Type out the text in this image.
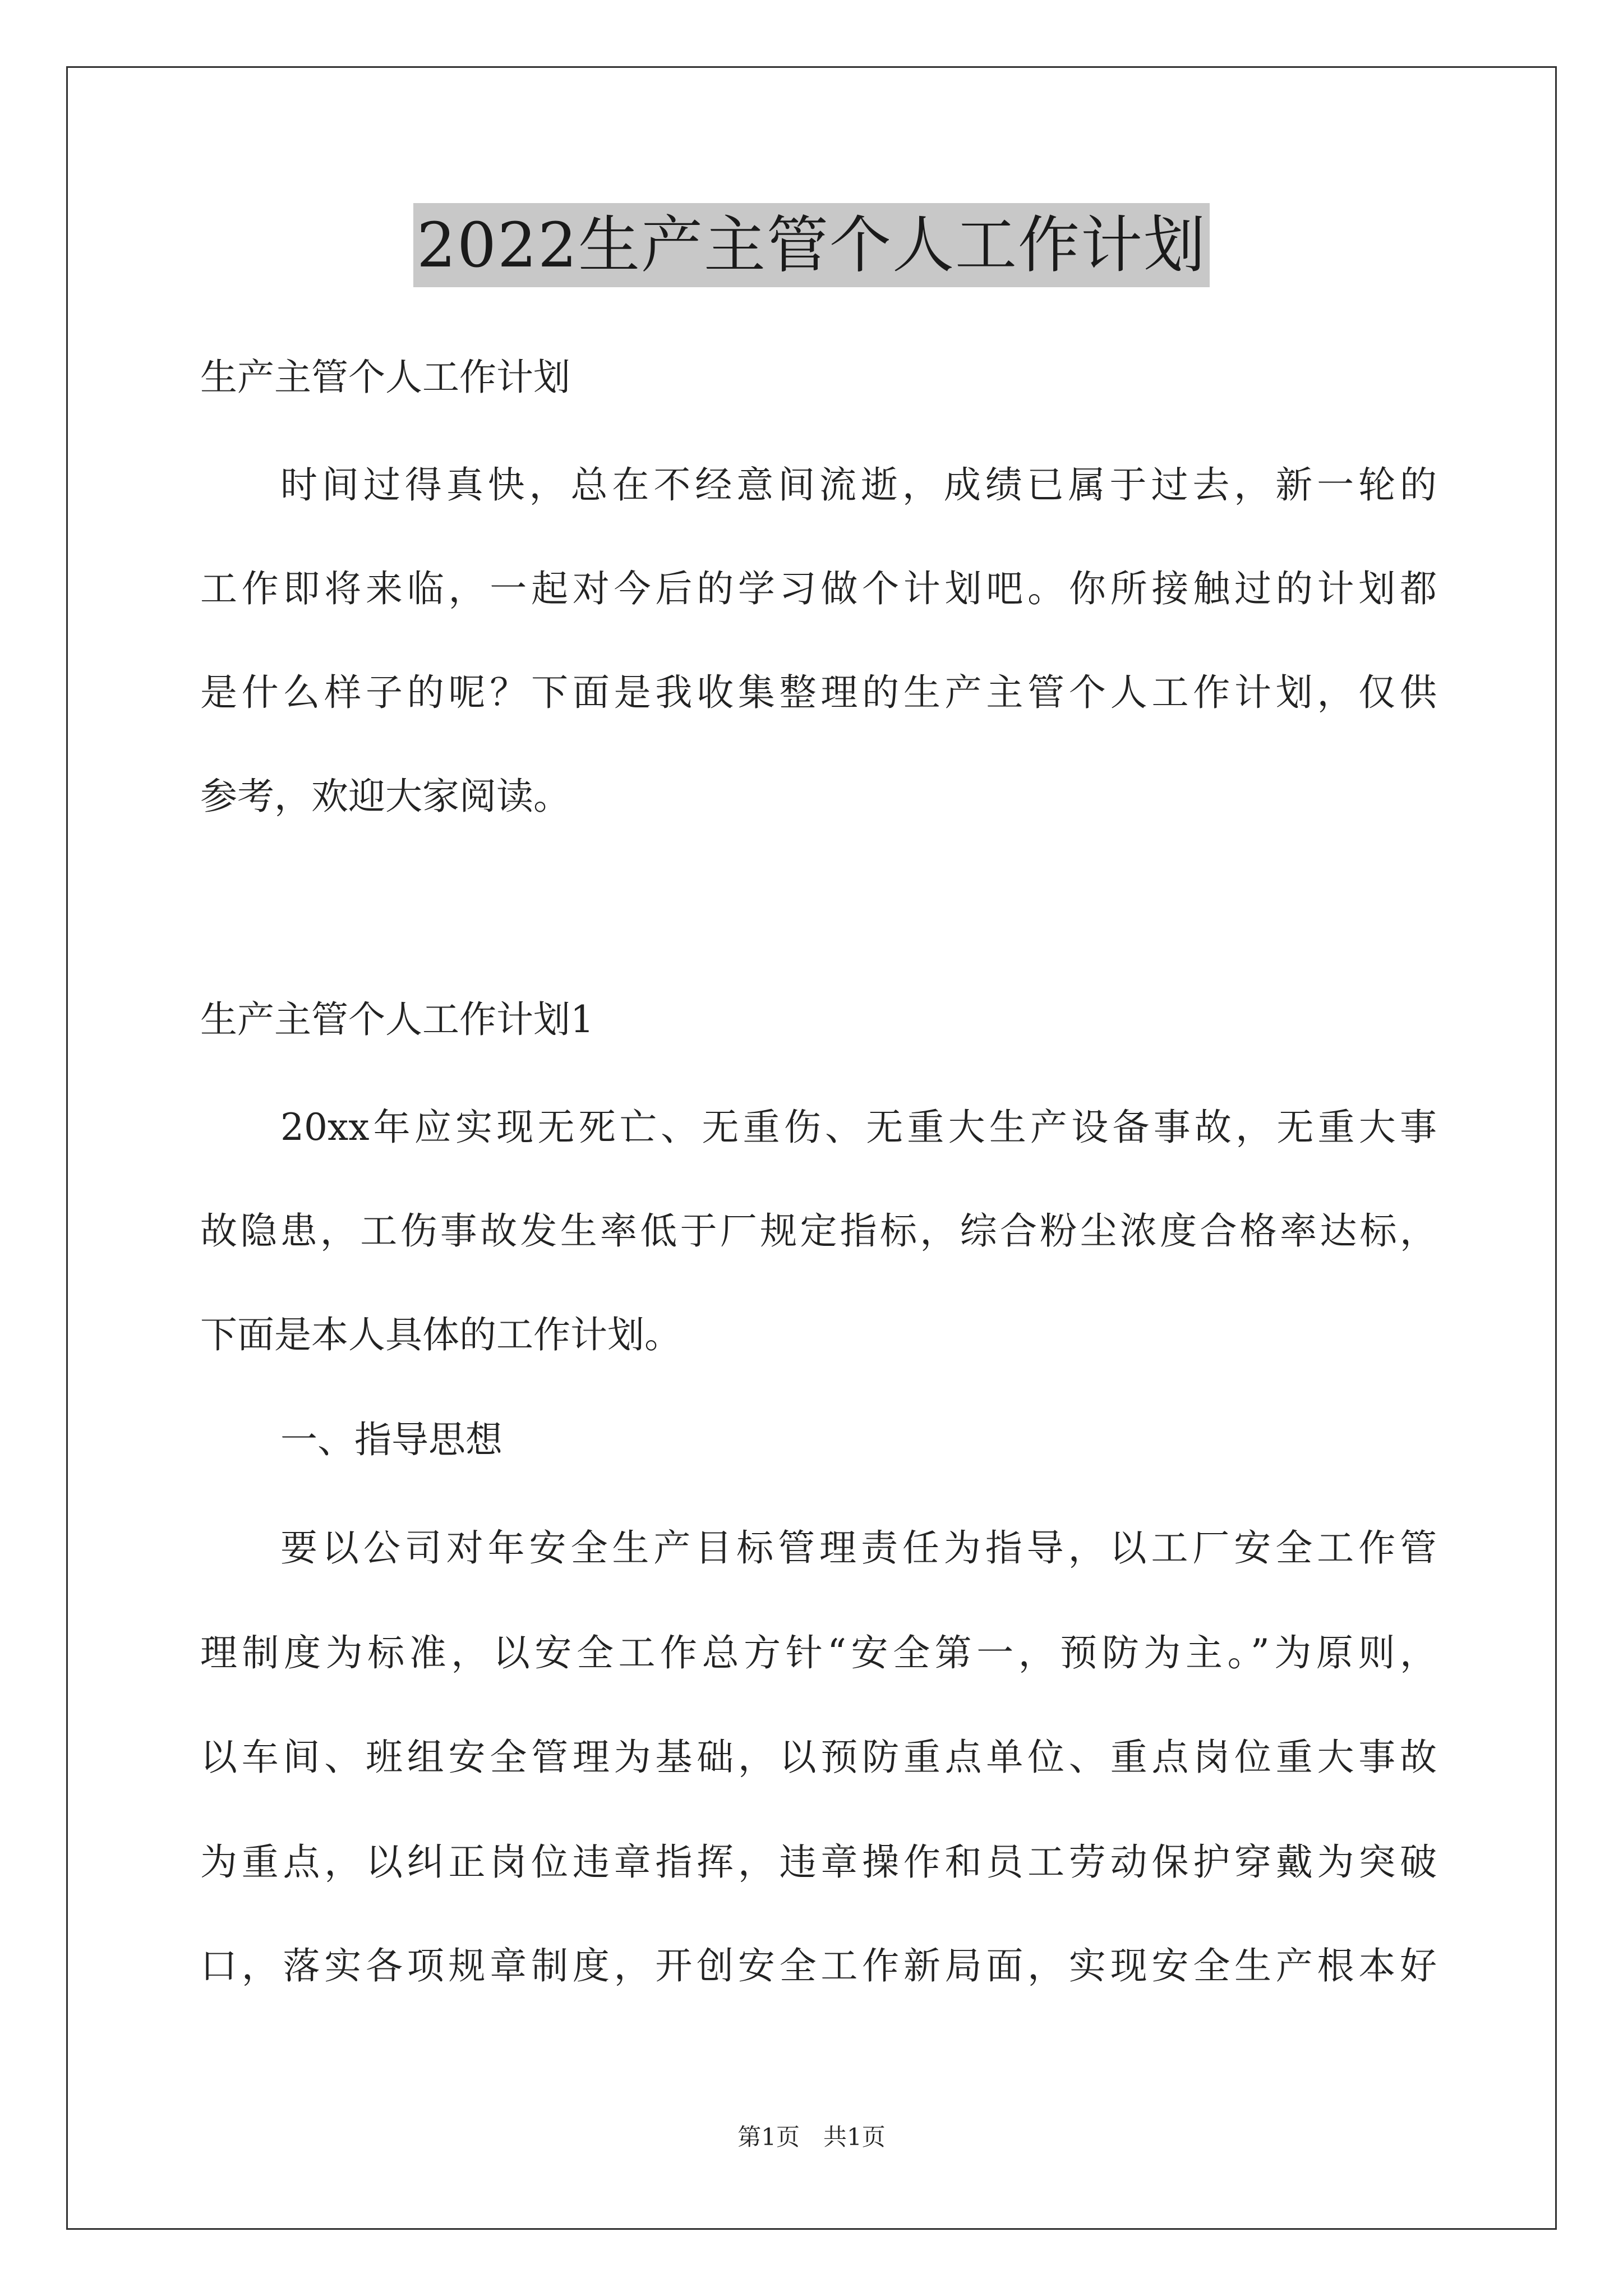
2022生产主管个人工作计划
生产主管个人工作计划
时间过得真快，总在不经意间流逝，成绩已属于过去，新一轮的
工作即将来临，一起对今后的学习做个计划吧。你所接触过的计划都
是什么样子的呢？下面是我收集整理的生产主管个人工作计划，仅供
参考，欢迎大家阅读。
生产主管个人工作计划1
20xx年应实现无死亡、无重伤、无重大生产设备事故，无重大事
故隐患，工伤事故发生率低于厂规定指标，综合粉尘浓度合格率达标，
下面是本人具体的工作计划。
一、指导思想
要以公司对年安全生产目标管理责任为指导，以工厂安全工作管
理制度为标准，以安全工作总方针“安全第一，预防为主。”为原则，
以车间、班组安全管理为基础，以预防重点单位、重点岗位重大事故
为重点，以纠正岗位违章指挥，违章操作和员工劳动保护穿戴为突破
口，落实各项规章制度，开创安全工作新局面，实现安全生产根本好
第1页　共1页
